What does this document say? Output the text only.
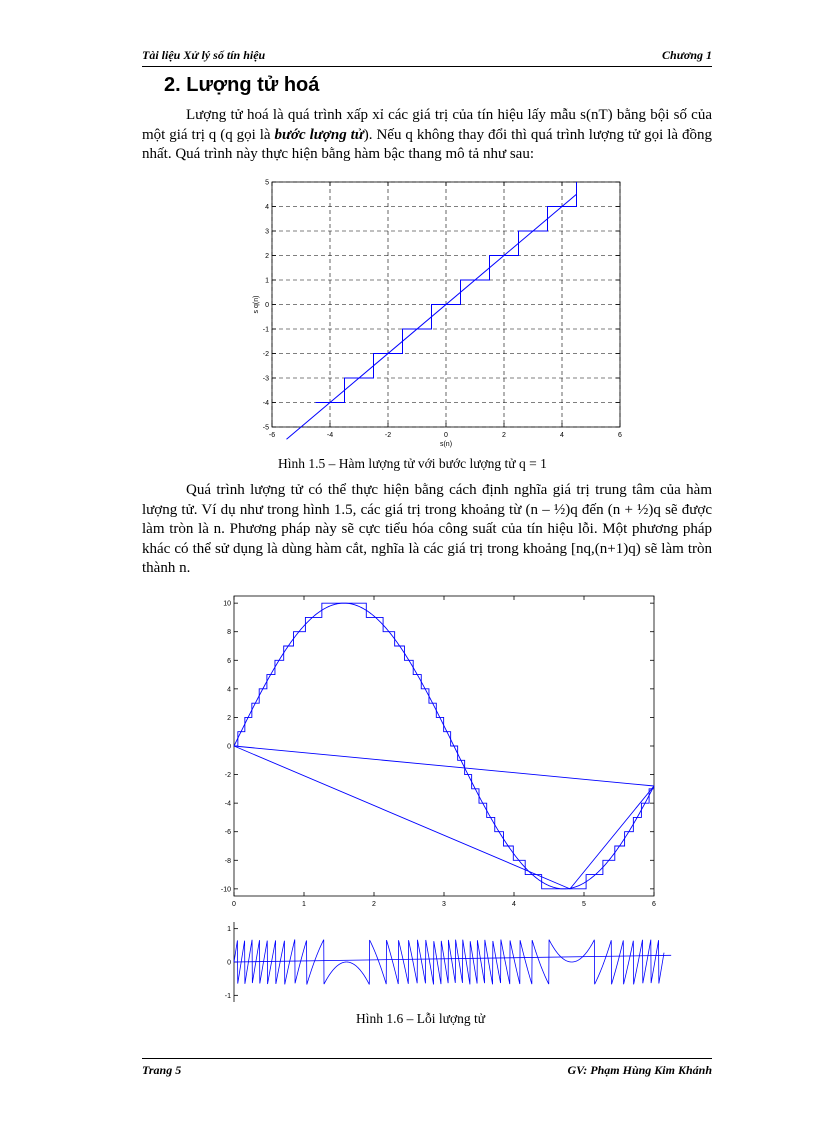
Tài liệu Xử lý số tín hiệu	Chương 1
2. Lượng tử hoá

Lượng tử hoá là quá trình xấp xỉ các giá trị của tín hiệu lấy mẫu s(nT) bằng bội số của một giá trị q (q gọi là bước lượng tử). Nếu q không thay đổi thì quá trình lượng tử gọi là đồng nhất. Quá trình này thực hiện bằng hàm bậc thang mô tả như sau:

-6	-4	-2	0	2	4	6
-5
-4
-3
-2
-1
0
1
2
3
4
5
s(n)
s q(n)
Hình 1.5 – Hàm lượng tử với bước lượng tử q = 1

Quá trình lượng tử có thể thực hiện bằng cách định nghĩa giá trị trung tâm của hàm lượng tử. Ví dụ như trong hình 1.5, các giá trị trong khoảng từ (n – ½)q đến (n + ½)q sẽ được làm tròn là n. Phương pháp này sẽ cực tiểu hóa công suất của tín hiệu lỗi. Một phương pháp khác có thể sử dụng là dùng hàm cắt, nghĩa là các giá trị trong khoảng [nq,(n+1)q) sẽ làm tròn thành n.

0	1	2	3	4	5	6
-10
-8
-6
-4
-2
0
2
4
6
8
10
-1
0
1
Hình 1.6 – Lỗi lượng tử
Trang 5	GV: Phạm Hùng Kim Khánh
